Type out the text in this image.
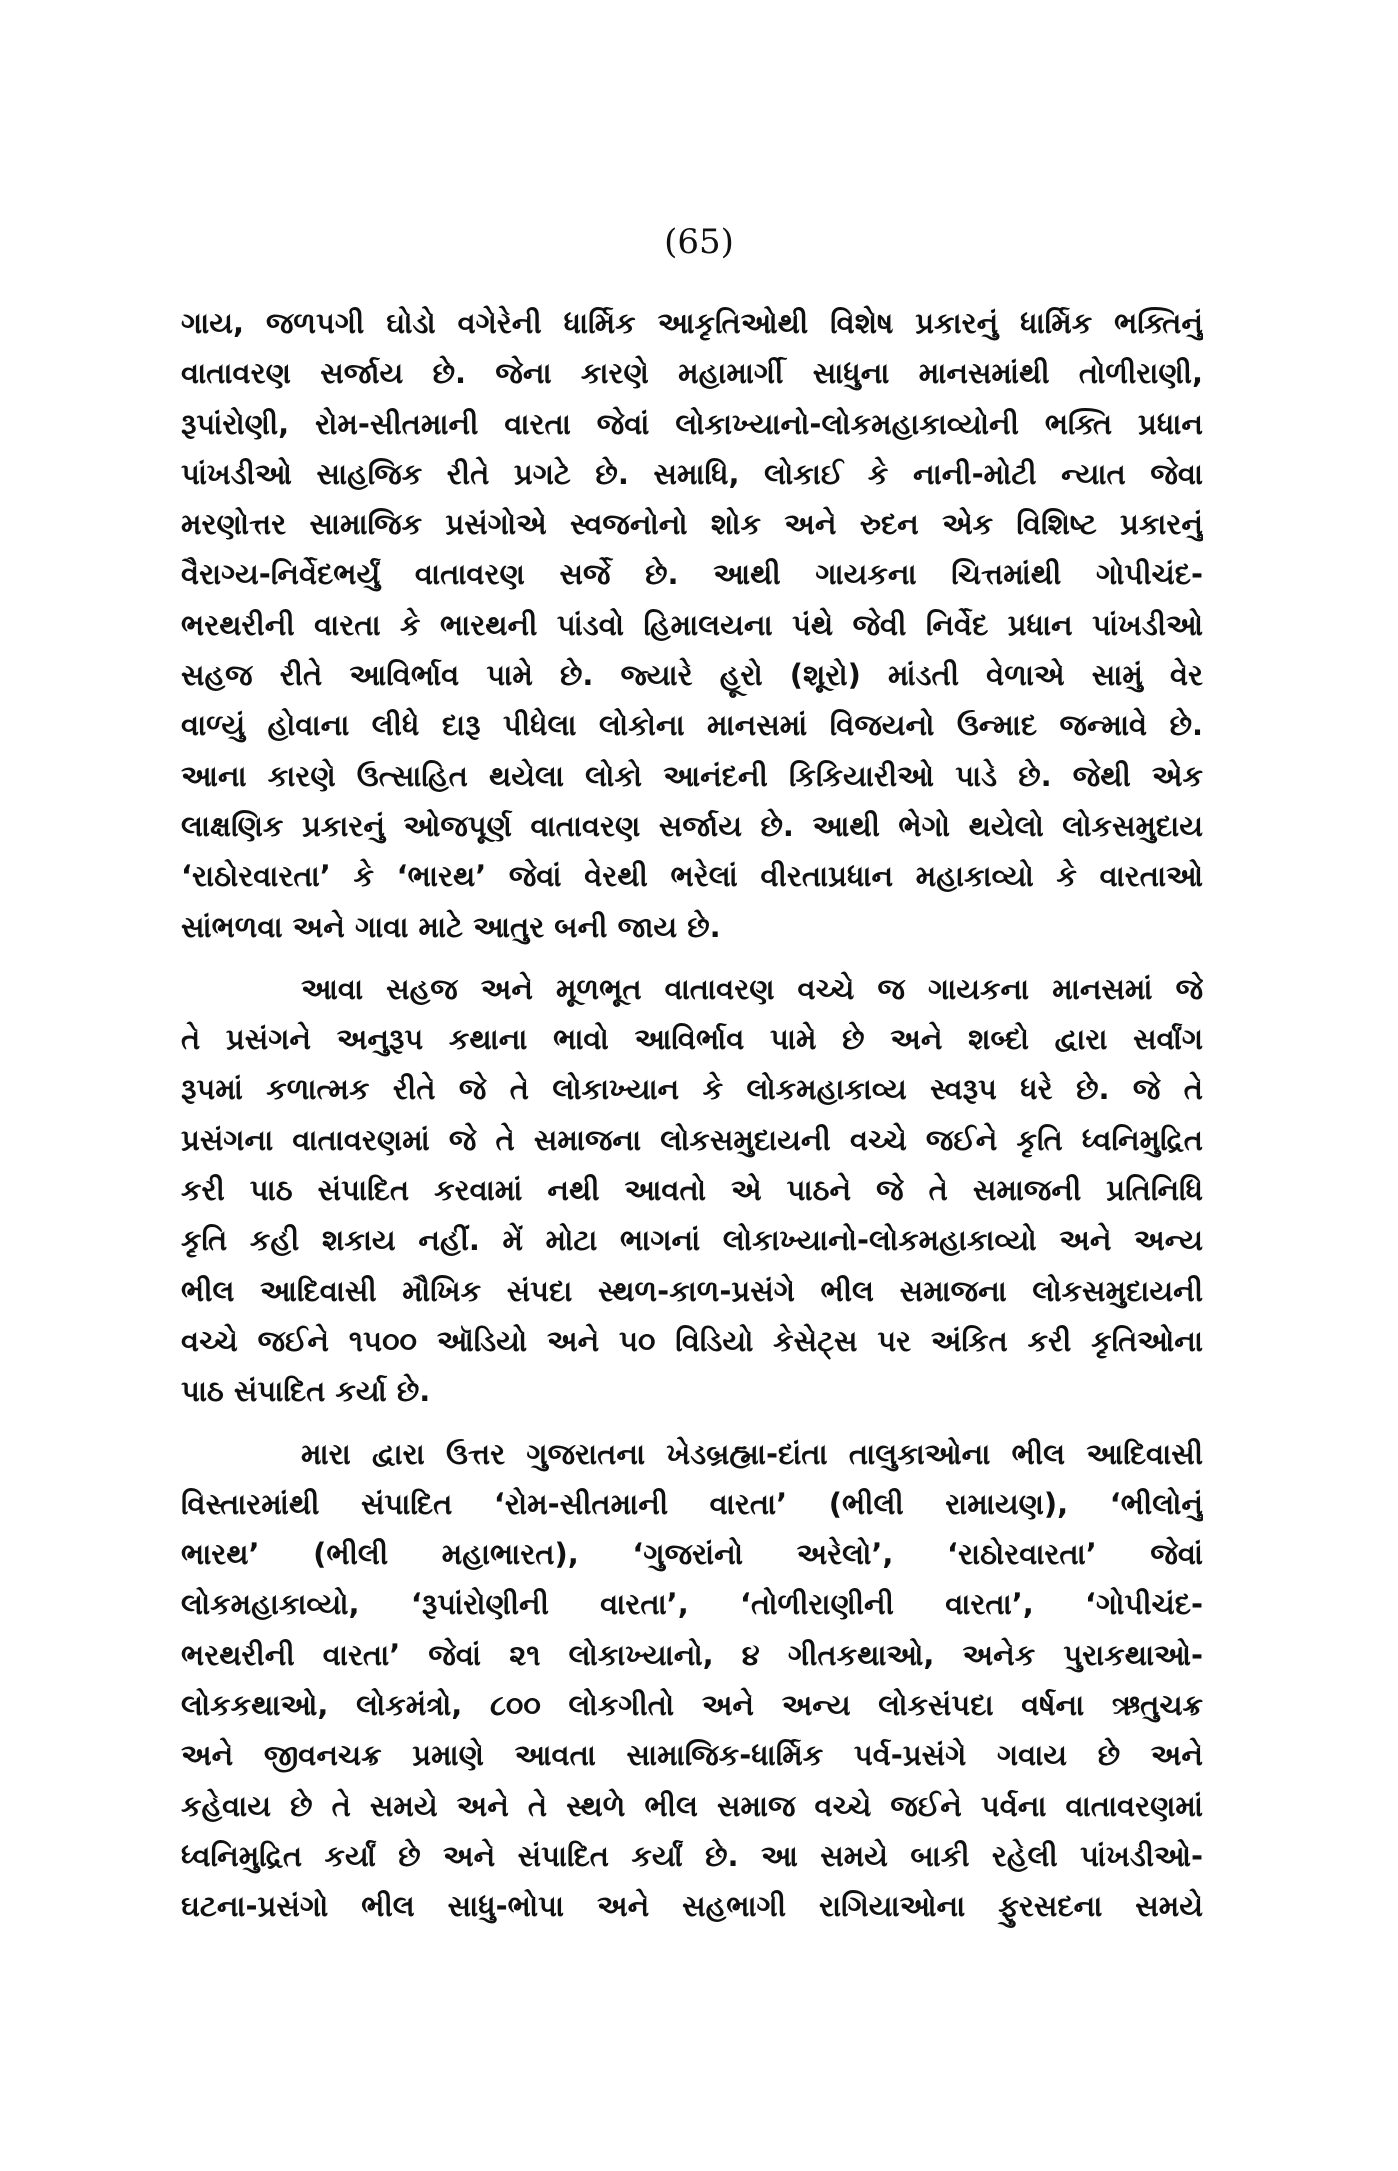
(65)

ગાય, જળપગી ઘોડો વગેરેની ધાર્મિક આકૃતિઓથી વિશેષ પ્રકારનું ધાર્મિક ભક્તિનું
વાતાવરણ સર્જાય છે. જેના કારણે મહામાર્ગી સાધુના માનસમાંથી તોળીરાણી,
રૂપાંરોણી, રોમ-સીતમાની વારતા જેવાં લોકાખ્યાનો-લોકમહાકાવ્યોની ભક્તિ પ્રધાન
પાંખડીઓ સાહજિક રીતે પ્રગટે છે. સમાધિ, લોકાઈ કે નાની-મોટી ન્યાત જેવા
મરણોત્તર સામાજિક પ્રસંગોએ સ્વજનોનો શોક અને રુદન એક વિશિષ્ટ પ્રકારનું
વૈરાગ્ય-નિર્વેદભર્યું વાતાવરણ સર્જે છે. આથી ગાયકના ચિત્તમાંથી ગોપીચંદ-
ભરથરીની વારતા કે ભારથની પાંડવો હિમાલયના પંથે જેવી નિર્વેદ પ્રધાન પાંખડીઓ
સહજ રીતે આવિર્ભાવ પામે છે. જ્યારે હૂરો (શૂરો) માંડતી વેળાએ સામું વેર
વાળ્યું હોવાના લીધે દારૂ પીધેલા લોકોના માનસમાં વિજયનો ઉન્માદ જન્માવે છે.
આના કારણે ઉત્સાહિત થયેલા લોકો આનંદની કિકિયારીઓ પાડે છે. જેથી એક
લાક્ષણિક પ્રકારનું ઓજપૂર્ણ વાતાવરણ સર્જાય છે. આથી ભેગો થયેલો લોકસમુદાય
‘રાઠોરવારતા’ કે ‘ભારથ’ જેવાં વેરથી ભરેલાં વીરતાપ્રધાન મહાકાવ્યો કે વારતાઓ
સાંભળવા અને ગાવા માટે આતુર બની જાય છે.

આવા સહજ અને મૂળભૂત વાતાવરણ વચ્ચે જ ગાયકના માનસમાં જે
તે પ્રસંગને અનુરૂપ કથાના ભાવો આવિર્ભાવ પામે છે અને શબ્દો દ્વારા સર્વાંગ
રૂપમાં કળાત્મક રીતે જે તે લોકાખ્યાન કે લોકમહાકાવ્ય સ્વરૂપ ધરે છે. જે તે
પ્રસંગના વાતાવરણમાં જે તે સમાજના લોકસમુદાયની વચ્ચે જઈને કૃતિ ધ્વનિમુદ્રિત
કરી પાઠ સંપાદિત કરવામાં નથી આવતો એ પાઠને જે તે સમાજની પ્રતિનિધિ
કૃતિ કહી શકાય નહીં. મેં મોટા ભાગનાં લોકાખ્યાનો-લોકમહાકાવ્યો અને અન્ય
ભીલ આદિવાસી મૌખિક સંપદા સ્થળ-કાળ-પ્રસંગે ભીલ સમાજના લોકસમુદાયની
વચ્ચે જઈને ૧૫૦૦ ઑડિયો અને ૫૦ વિડિયો કેસેટ્સ પર અંકિત કરી કૃતિઓના
પાઠ સંપાદિત કર્યા છે.

મારા દ્વારા ઉત્તર ગુજરાતના ખેડબ્રહ્મા-દાંતા તાલુકાઓના ભીલ આદિવાસી
વિસ્તારમાંથી સંપાદિત ‘રોમ-સીતમાની વારતા’ (ભીલી રામાયણ), ‘ભીલોનું
ભારથ’ (ભીલી મહાભારત), ‘ગુજરાંનો અરેલો’, ‘રાઠોરવારતા’ જેવાં
લોકમહાકાવ્યો, ‘રૂપાંરોણીની વારતા’, ‘તોળીરાણીની વારતા’, ‘ગોપીચંદ-
ભરથરીની વારતા’ જેવાં ૨૧ લોકાખ્યાનો, ૪ ગીતકથાઓ, અનેક પુરાકથાઓ-
લોકકથાઓ, લોકમંત્રો, ૮૦૦ લોકગીતો અને અન્ય લોકસંપદા વર્ષના ઋતુચક્ર
અને જીવનચક્ર પ્રમાણે આવતા સામાજિક-ધાર્મિક પર્વ-પ્રસંગે ગવાય છે અને
કહેવાય છે તે સમયે અને તે સ્થળે ભીલ સમાજ વચ્ચે જઈને પર્વના વાતાવરણમાં
ધ્વનિમુદ્રિત કર્યાં છે અને સંપાદિત કર્યાં છે. આ સમયે બાકી રહેલી પાંખડીઓ-
ઘટના-પ્રસંગો ભીલ સાધુ-ભોપા અને સહભાગી રાગિયાઓના ફુરસદના સમયે
